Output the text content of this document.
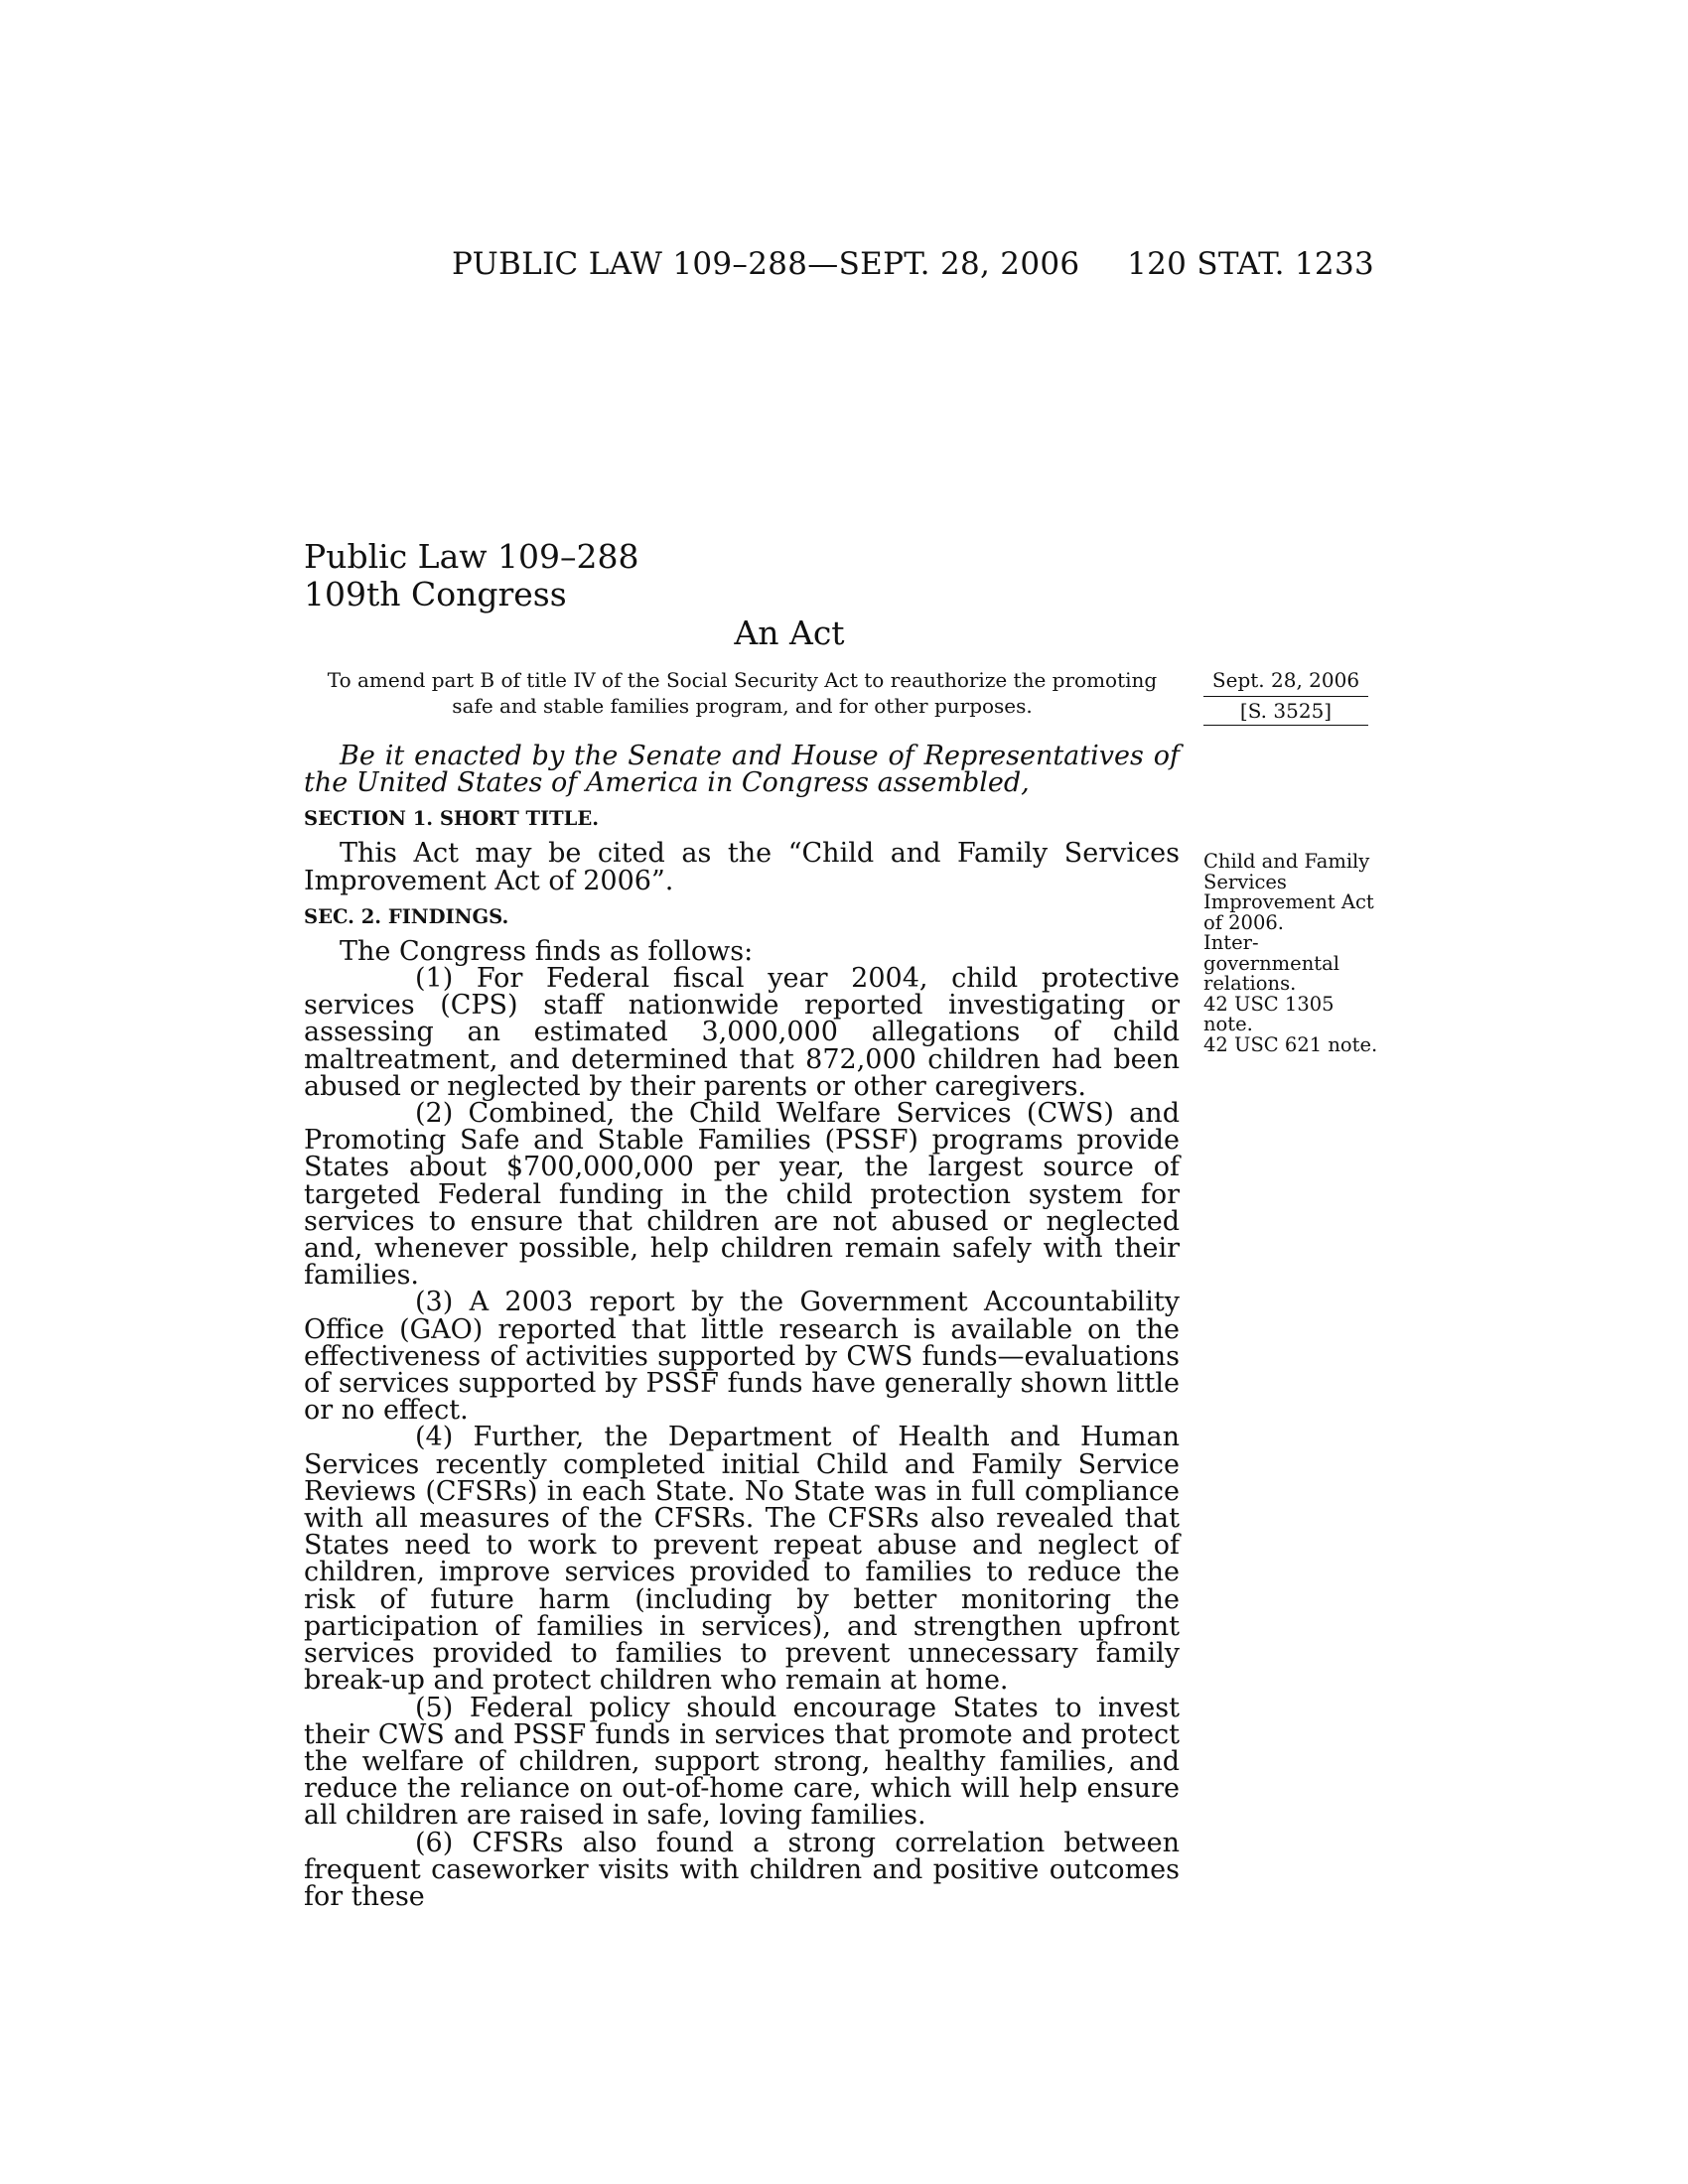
PUBLIC LAW 109–288—SEPT. 28, 2006 120 STAT. 1233
Public Law 109–288
109th Congress
An Act
To amend part B of title IV of the Social Security Act to reauthorize the promoting safe and stable families program, and for other purposes.
Sept. 28, 2006
[S. 3525]

Be it enacted by the Senate and House of Representatives of the United States of America in Congress assembled,

SECTION 1. SHORT TITLE.

This Act may be cited as the “Child and Family Services Improvement Act of 2006”.

SEC. 2. FINDINGS.

The Congress finds as follows:

(1) For Federal fiscal year 2004, child protective services (CPS) staff nationwide reported investigating or assessing an estimated 3,000,000 allegations of child maltreatment, and determined that 872,000 children had been abused or neglected by their parents or other caregivers.

(2) Combined, the Child Welfare Services (CWS) and Promoting Safe and Stable Families (PSSF) programs provide States about $700,000,000 per year, the largest source of targeted Federal funding in the child protection system for services to ensure that children are not abused or neglected and, whenever possible, help children remain safely with their families.

(3) A 2003 report by the Government Accountability Office (GAO) reported that little research is available on the effectiveness of activities supported by CWS funds—evaluations of services supported by PSSF funds have generally shown little or no effect.

(4) Further, the Department of Health and Human Services recently completed initial Child and Family Service Reviews (CFSRs) in each State. No State was in full compliance with all measures of the CFSRs. The CFSRs also revealed that States need to work to prevent repeat abuse and neglect of children, improve services provided to families to reduce the risk of future harm (including by better monitoring the participation of families in services), and strengthen upfront services provided to families to prevent unnecessary family break-up and protect children who remain at home.

(5) Federal policy should encourage States to invest their CWS and PSSF funds in services that promote and protect the welfare of children, support strong, healthy families, and reduce the reliance on out-of-home care, which will help ensure all children are raised in safe, loving families.

(6) CFSRs also found a strong correlation between frequent caseworker visits with children and positive outcomes for these

Child and Family Services Improvement Act of 2006.
Inter-governmental relations.
42 USC 1305 note.
42 USC 621 note.
